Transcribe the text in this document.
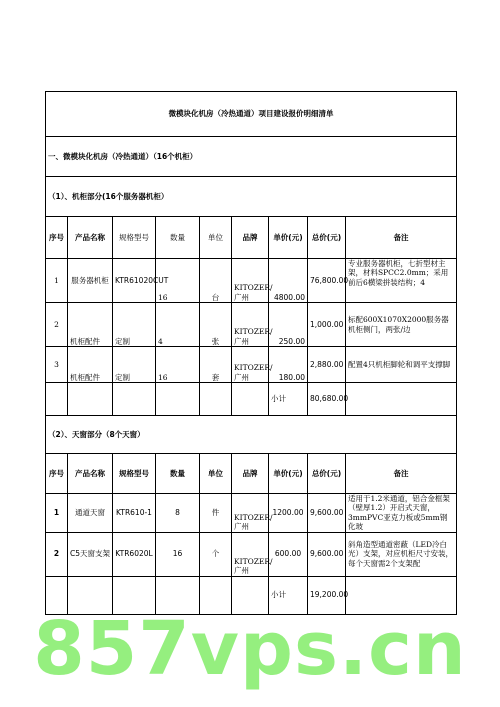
微模块化机房（冷热通道）项目建设报价明细清单								
一、微模块化机房（冷热通道）（16个机柜）								
（1）、机柜部分(16个服务器机柜）								
序号	产品名称	规格型号	数量	单位	品牌	单价(元)	总价(元)	备注
1	服务器机柜	KTR61020CUT	16	台	KITOZER/广州	4800.00	76,800.00	专业服务器机柜，七折型材主架，材料SPCC2.0mm；采用前后6横梁拼装结构；4
2	机柜配件	定制	4	张	KITOZER/广州	250.00	1,000.00	标配600X1070X2000服务器机柜侧门，两张/边
3	机柜配件	定制	16	套	KITOZER/广州	180.00	2,880.00	配置4只机柜脚轮和调平支撑脚
						小计	80,680.00	
（2）、天窗部分（8个天窗）								
序号	产品名称	规格型号	数量	单位	品牌	单价(元)	总价(元)	备注
1	通道天窗	KTR610-1	8	件	KITOZER/广州	1200.00	9,600.00	适用于1.2米通道，铝合金框架（壁厚1.2）开启式天窗，3mmPVC亚克力板或5mm钢化玻
2	C5天窗支架	KTR6020L	16	个	KITOZER/广州	600.00	9,600.00	斜角造型通道密蔽（LED冷白光）支架，对应机柜尺寸安装，每个天窗需2个支架配
						小计	19,200.00	
857vps.cn
